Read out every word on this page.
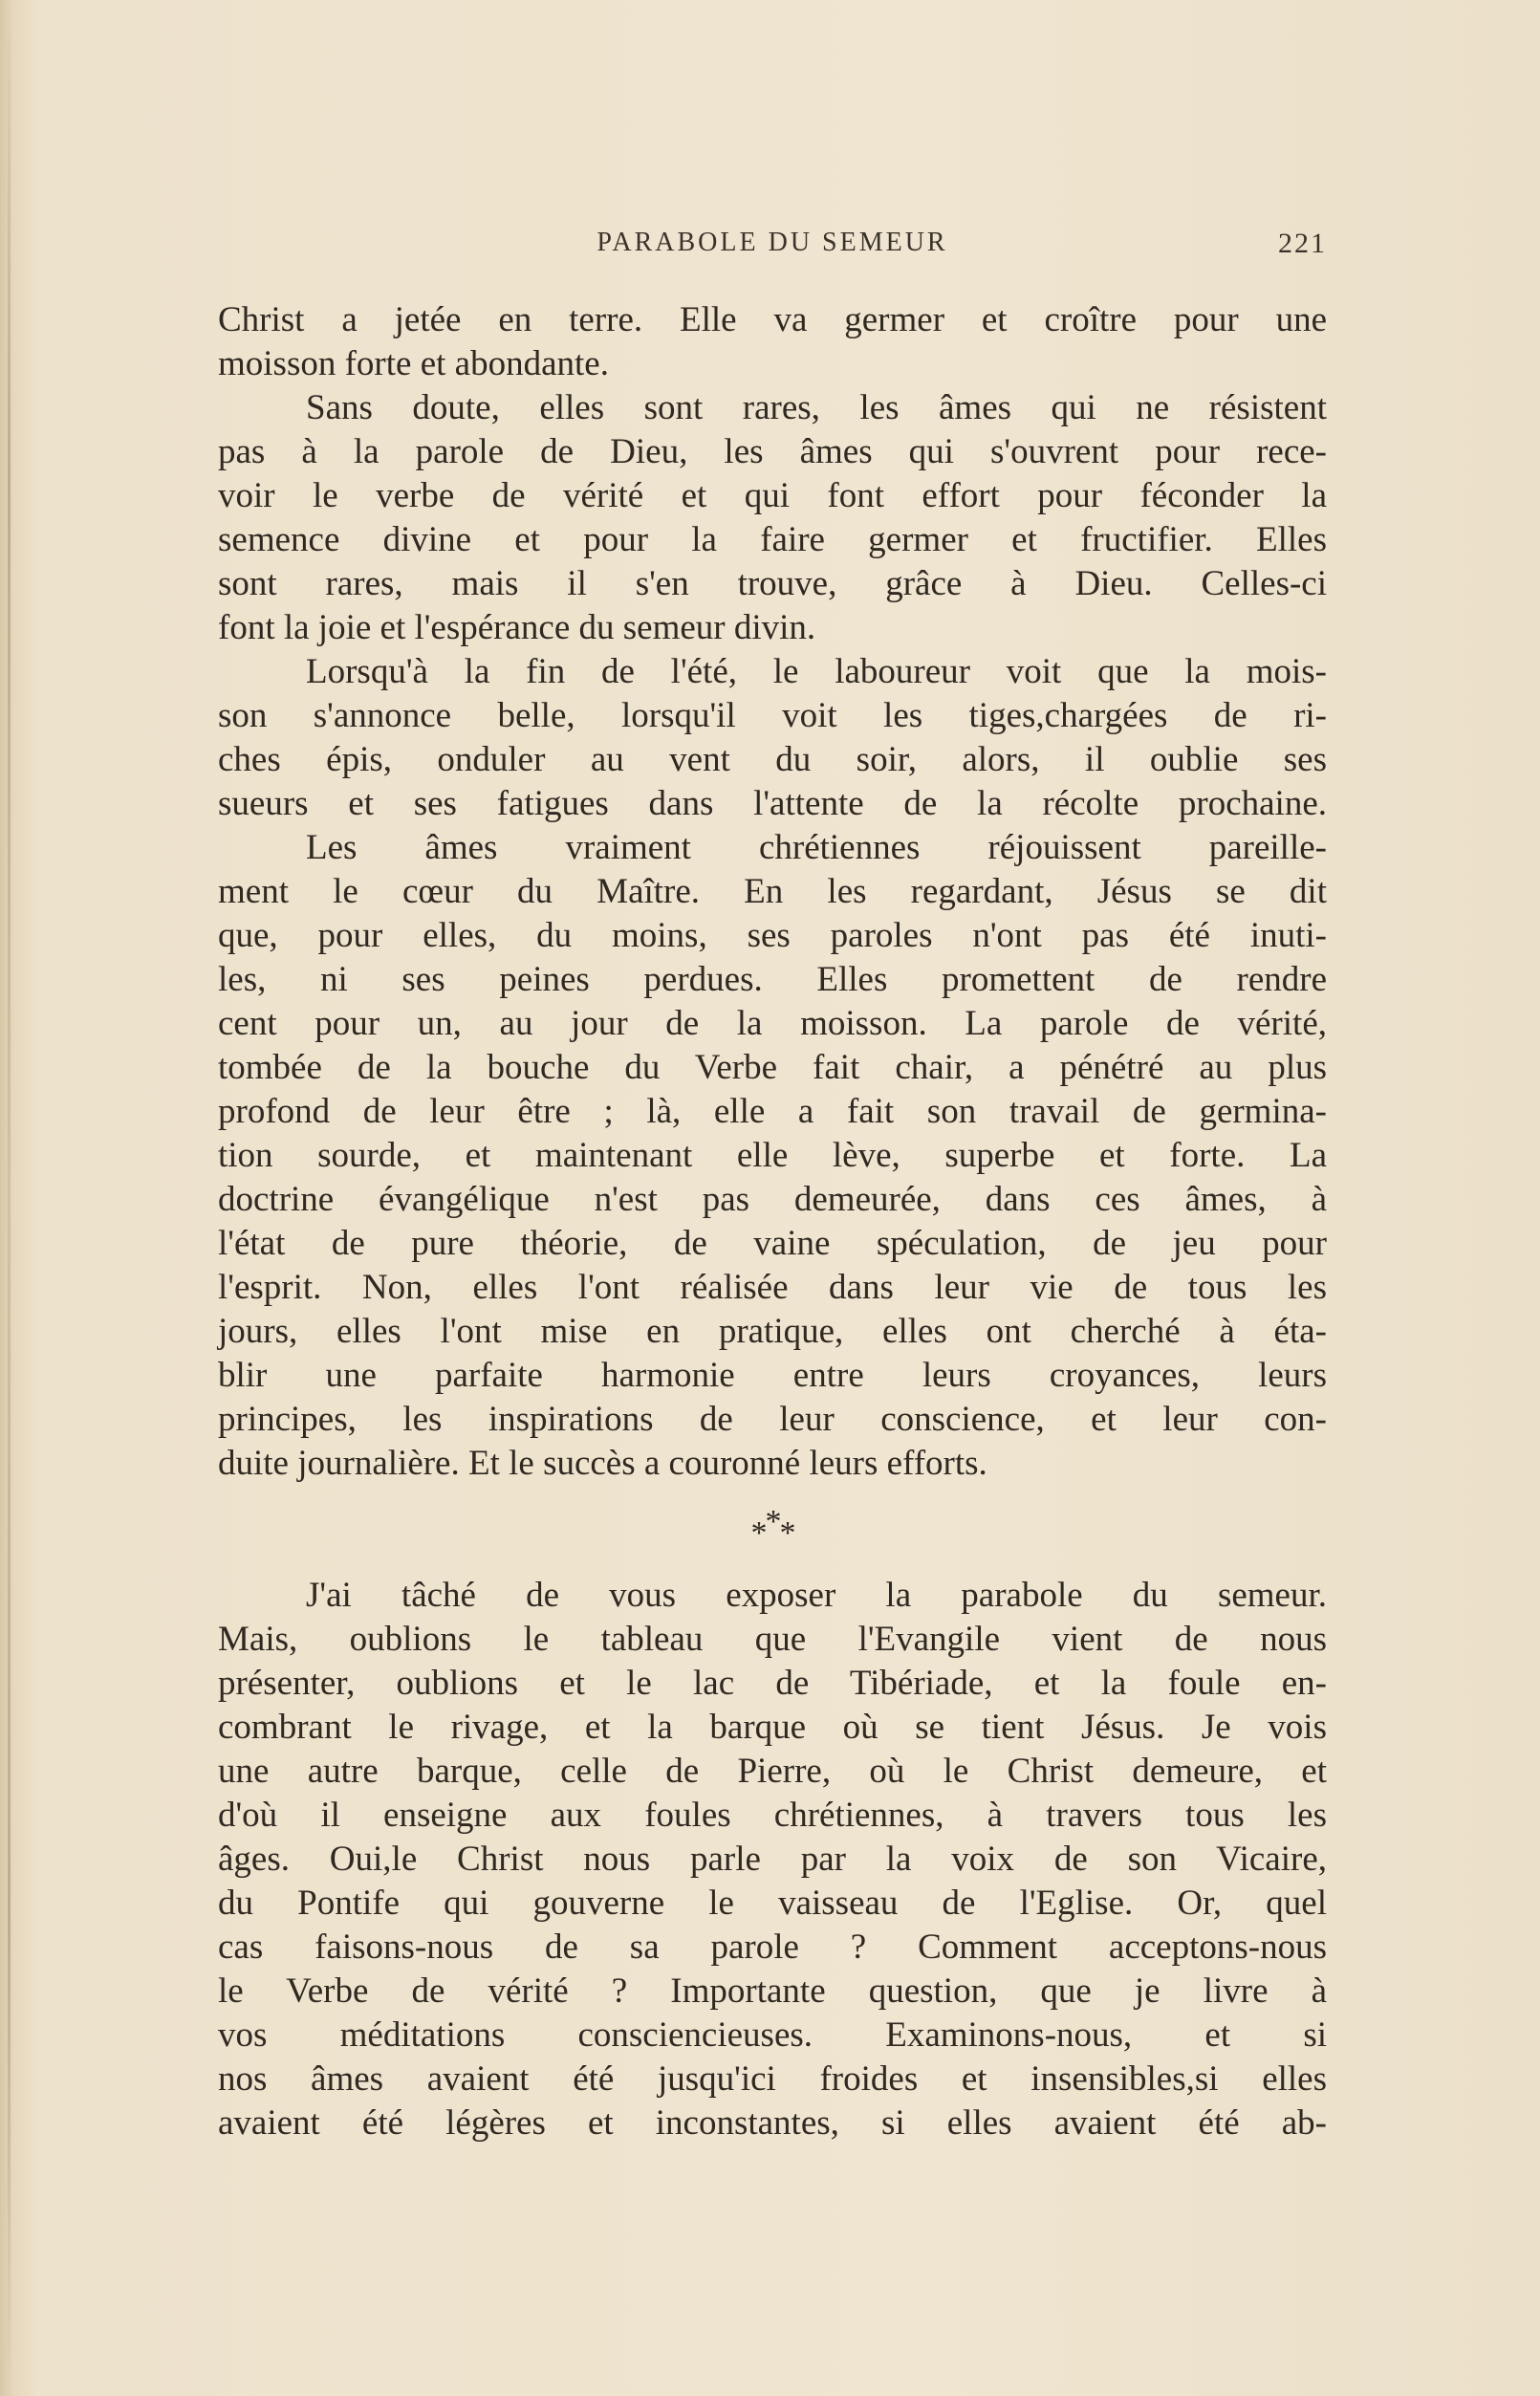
PARABOLE DU SEMEUR	221
Christ a jetée en terre. Elle va germer et croître pour une
moisson forte et abondante.
Sans doute, elles sont rares, les âmes qui ne résistent
pas à la parole de Dieu, les âmes qui s'ouvrent pour rece-
voir le verbe de vérité et qui font effort pour féconder la
semence divine et pour la faire germer et fructifier. Elles
sont rares, mais il s'en trouve, grâce à Dieu. Celles-ci
font la joie et l'espérance du semeur divin.
Lorsqu'à la fin de l'été, le laboureur voit que la mois-
son s'annonce belle, lorsqu'il voit les tiges,chargées de ri-
ches épis, onduler au vent du soir, alors, il oublie ses
sueurs et ses fatigues dans l'attente de la récolte prochaine.
Les âmes vraiment chrétiennes réjouissent pareille-
ment le cœur du Maître. En les regardant, Jésus se dit
que, pour elles, du moins, ses paroles n'ont pas été inuti-
les, ni ses peines perdues. Elles promettent de rendre
cent pour un, au jour de la moisson. La parole de vérité,
tombée de la bouche du Verbe fait chair, a pénétré au plus
profond de leur être ; là, elle a fait son travail de germina-
tion sourde, et maintenant elle lève, superbe et forte. La
doctrine évangélique n'est pas demeurée, dans ces âmes, à
l'état de pure théorie, de vaine spéculation, de jeu pour
l'esprit. Non, elles l'ont réalisée dans leur vie de tous les
jours, elles l'ont mise en pratique, elles ont cherché à éta-
blir une parfaite harmonie entre leurs croyances, leurs
principes, les inspirations de leur conscience, et leur con-
duite journalière. Et le succès a couronné leurs efforts.
***
J'ai tâché de vous exposer la parabole du semeur.
Mais, oublions le tableau que l'Evangile vient de nous
présenter, oublions et le lac de Tibériade, et la foule en-
combrant le rivage, et la barque où se tient Jésus. Je vois
une autre barque, celle de Pierre, où le Christ demeure, et
d'où il enseigne aux foules chrétiennes, à travers tous les
âges. Oui,le Christ nous parle par la voix de son Vicaire,
du Pontife qui gouverne le vaisseau de l'Eglise. Or, quel
cas faisons-nous de sa parole ? Comment acceptons-nous
le Verbe de vérité ? Importante question, que je livre à
vos méditations consciencieuses. Examinons-nous, et si
nos âmes avaient été jusqu'ici froides et insensibles,si elles
avaient été légères et inconstantes, si elles avaient été ab-
